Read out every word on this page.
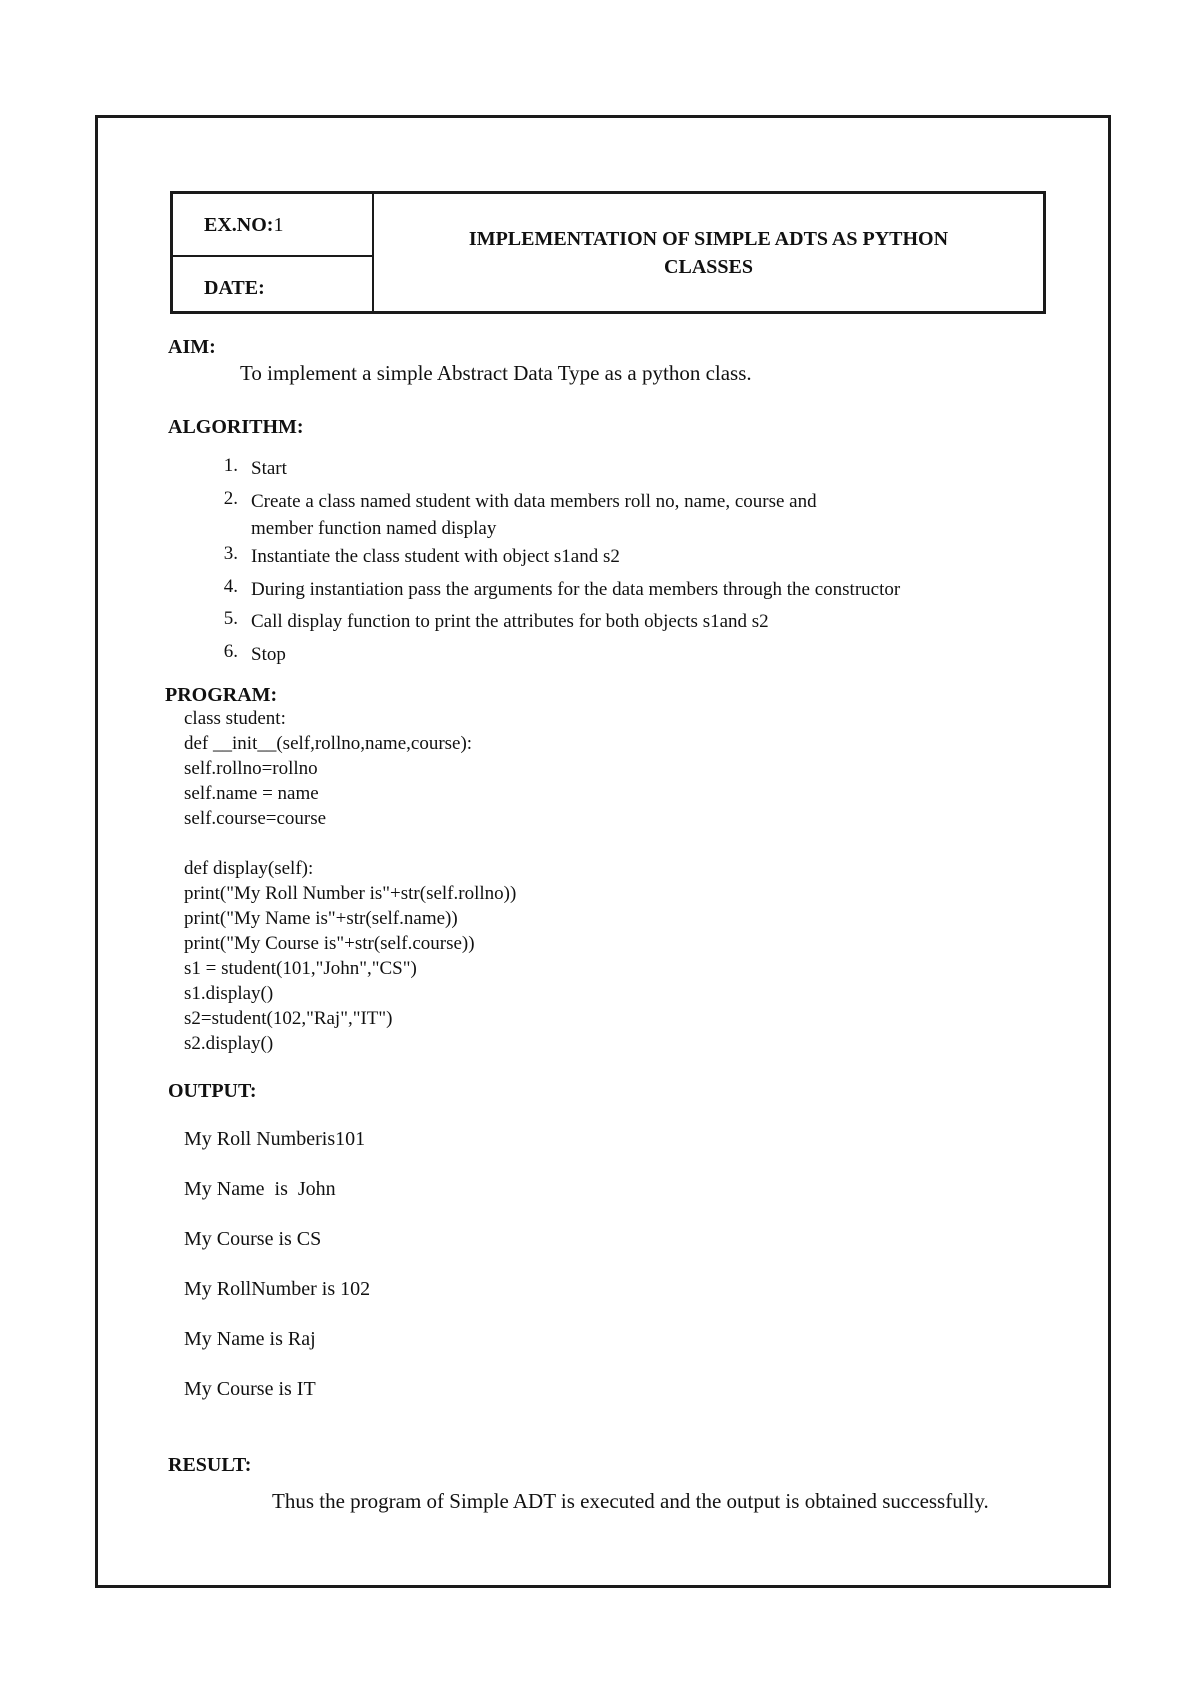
EX.NO:1
DATE:
IMPLEMENTATION OF SIMPLE ADTS AS PYTHON CLASSES
AIM:
To implement a simple Abstract Data Type as a python class.
ALGORITHM:
1. Start
2. Create a class named student with data members roll no, name, course and
member function named display
3. Instantiate the class student with object s1and s2
4. During instantiation pass the arguments for the data members through the constructor
5. Call display function to print the attributes for both objects s1and s2
6. Stop
PROGRAM:
class student:
def __init__(self,rollno,name,course):
self.rollno=rollno
self.name = name
self.course=course
def display(self):
print("My Roll Number is"+str(self.rollno))
print("My Name is"+str(self.name))
print("My Course is"+str(self.course))
s1 = student(101,"John","CS")
s1.display()
s2=student(102,"Raj","IT")
s2.display()
OUTPUT:
My Roll Numberis101
My Name  is  John
My Course is CS
My RollNumber is 102
My Name is Raj
My Course is IT
RESULT:
Thus the program of Simple ADT is executed and the output is obtained successfully.
